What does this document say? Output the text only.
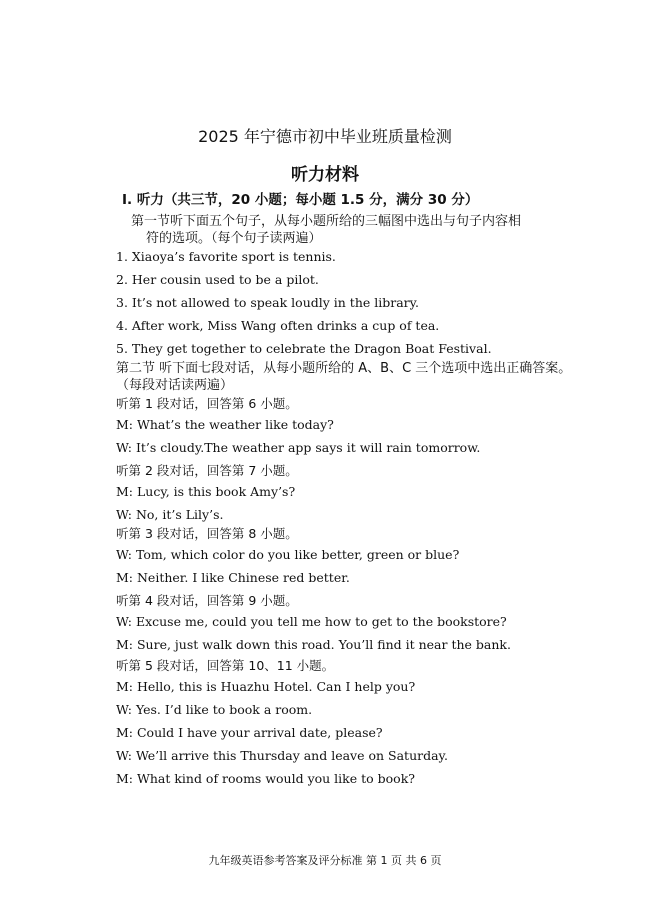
2025 年宁德市初中毕业班质量检测
听力材料
Ⅰ. 听力（共三节，20 小题；每小题 1.5 分，满分 30 分）
第一节听下面五个句子，从每小题所给的三幅图中选出与句子内容相
符的选项。（每个句子读两遍）
1. Xiaoya’s favorite sport is tennis.
2. Her cousin used to be a pilot.
3. It’s not allowed to speak loudly in the library.
4. After work, Miss Wang often drinks a cup of tea.
5. They get together to celebrate the Dragon Boat Festival.
第二节 听下面七段对话，从每小题所给的 A、B、C 三个选项中选出正确答案。
（每段对话读两遍）
听第 1 段对话，回答第 6 小题。
M: What’s the weather like today?
W: It’s cloudy.The weather app says it will rain tomorrow.
听第 2 段对话，回答第 7 小题。
M: Lucy, is this book Amy’s?
W: No, it’s Lily’s.
听第 3 段对话，回答第 8 小题。
W: Tom, which color do you like better, green or blue?
M: Neither. I like Chinese red better.
听第 4 段对话，回答第 9 小题。
W: Excuse me, could you tell me how to get to the bookstore?
M: Sure, just walk down this road. You’ll find it near the bank.
听第 5 段对话，回答第 10、11 小题。
M: Hello, this is Huazhu Hotel. Can I help you?
W: Yes. I’d like to book a room.
M: Could I have your arrival date, please?
W: We’ll arrive this Thursday and leave on Saturday.
M: What kind of rooms would you like to book?
九年级英语参考答案及评分标准 第 1 页 共 6 页
